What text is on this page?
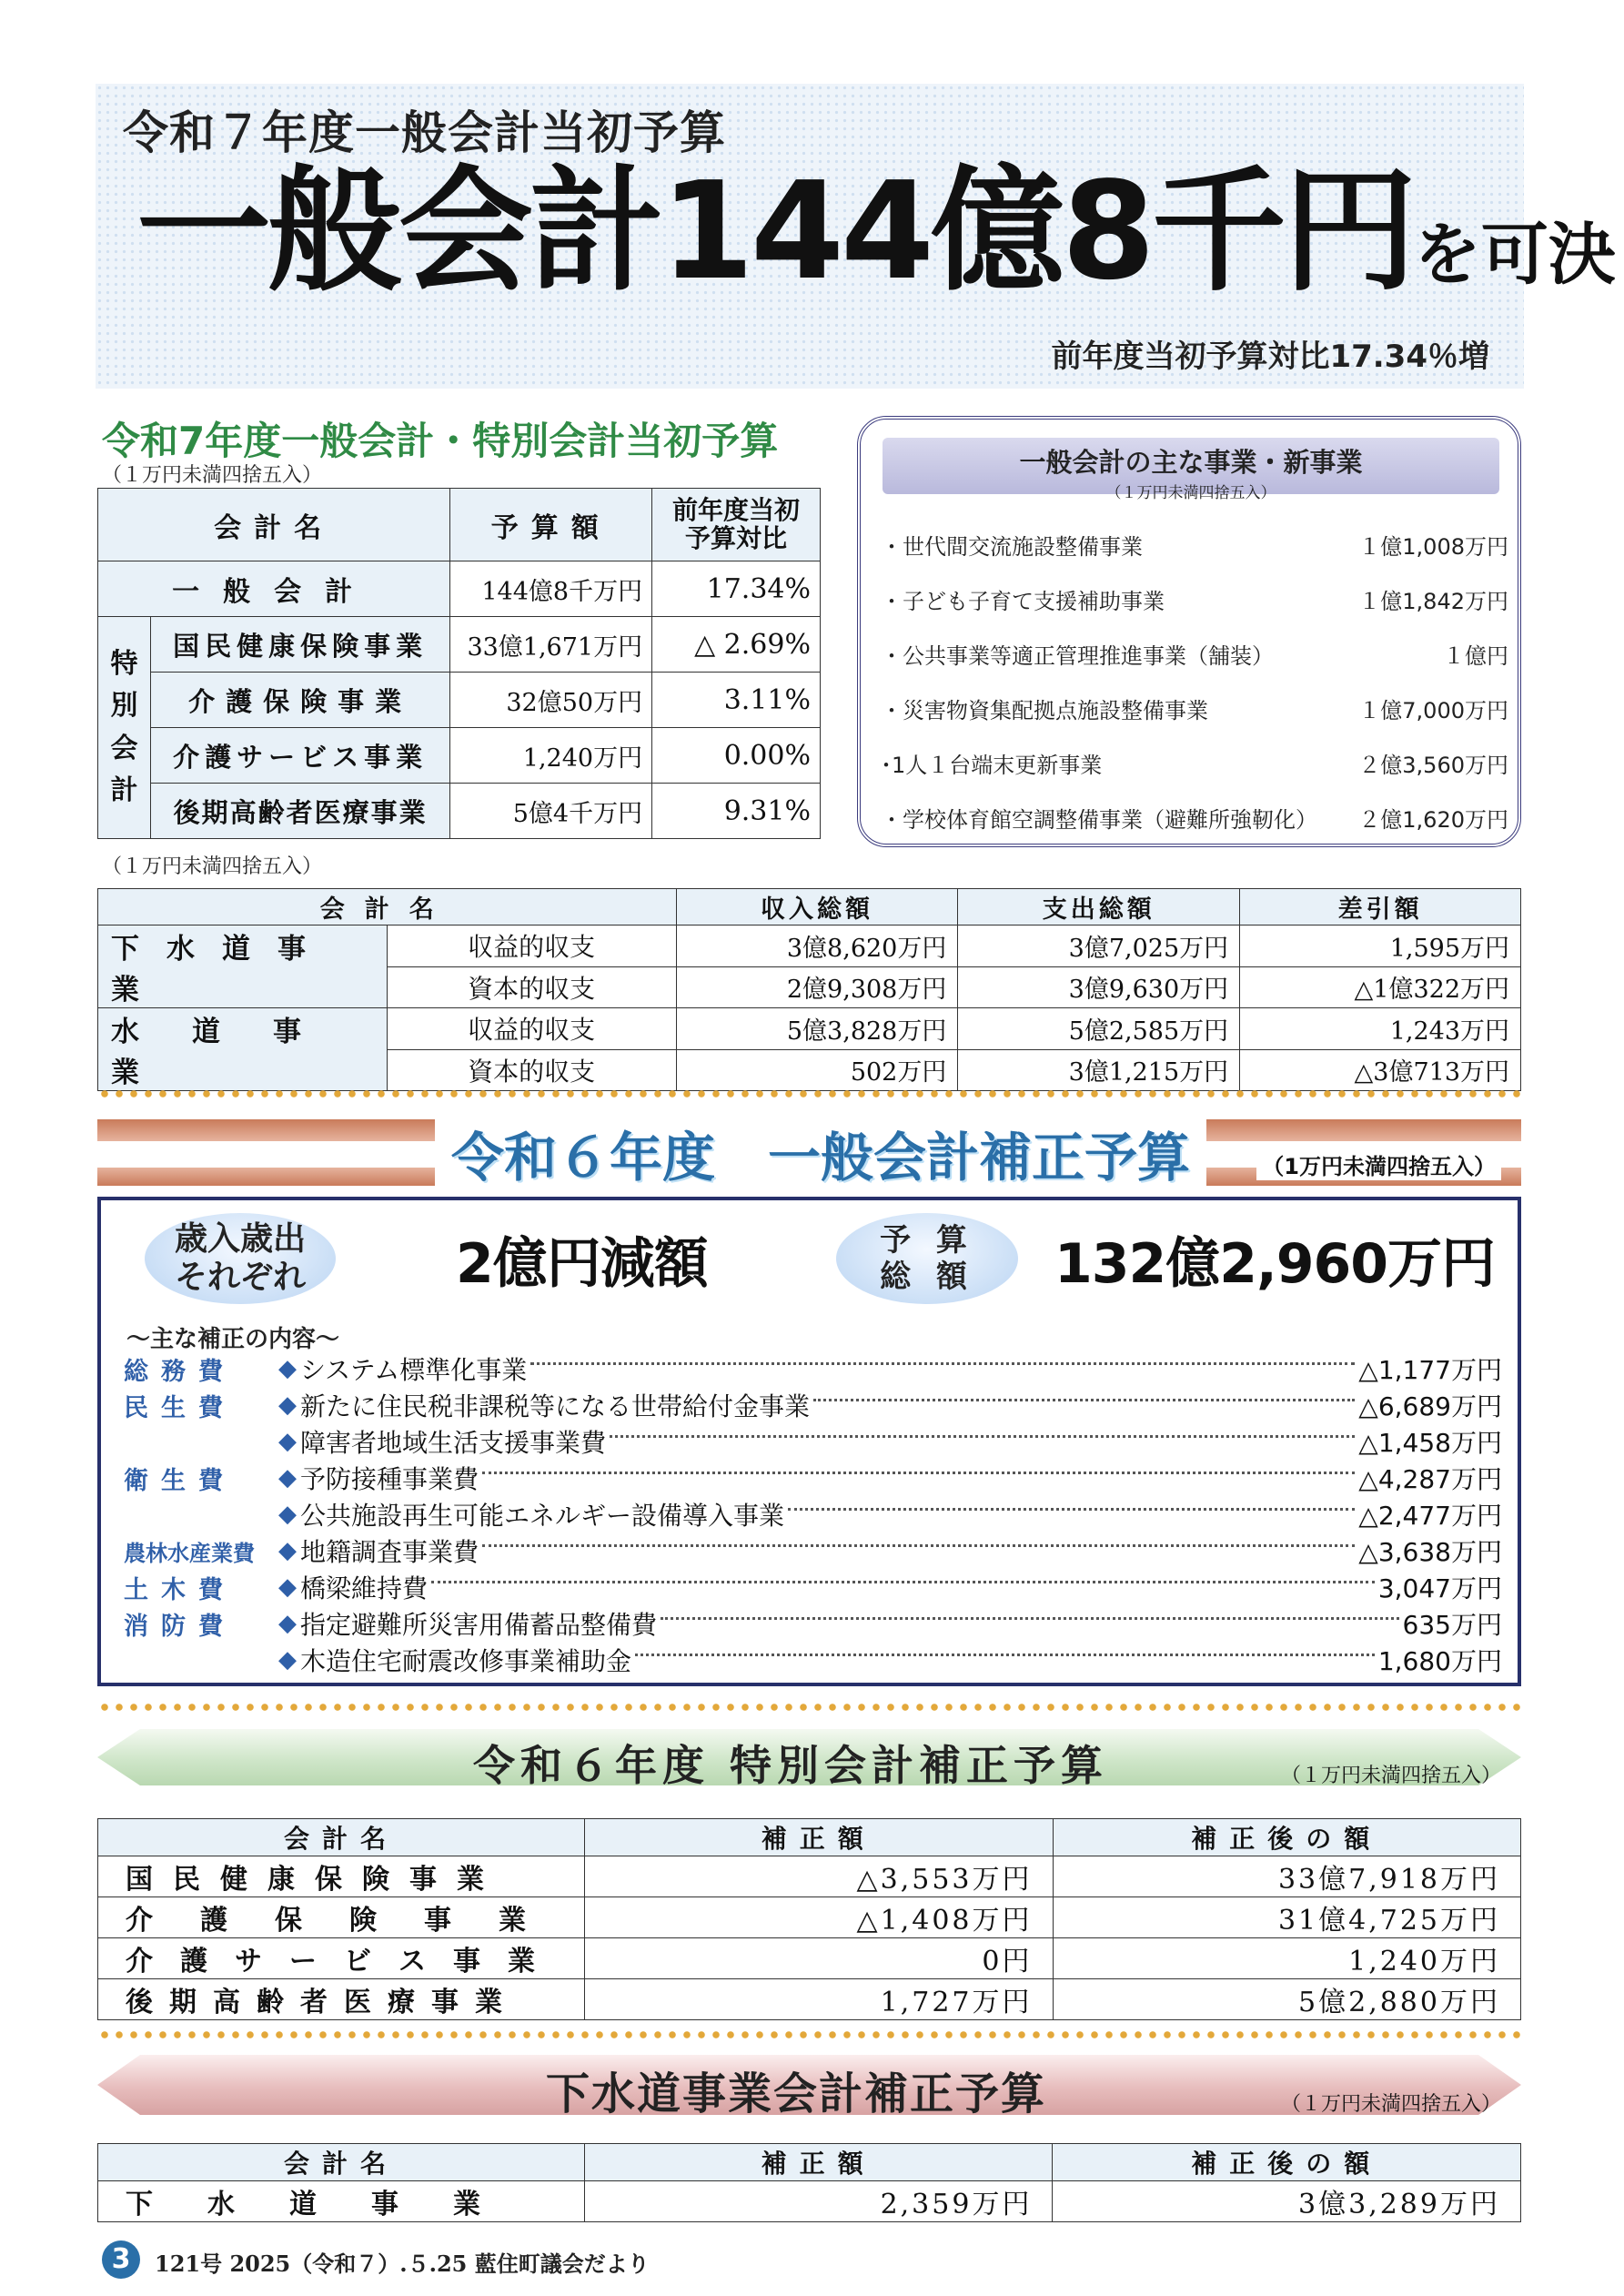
令和７年度一般会計当初予算
一般会計144億8千円を可決
前年度当初予算対比17.34％増
令和7年度一般会計・特別会計当初予算
（１万円未満四捨五入）
会計名		予算額	前年度当初
予算対比

一般会計		144億8千万円	17.34%

特別会計	国民健康保険事業	33億1,671万円	△ 2.69%
	介護保険事業	32億50万円	3.11%
	介護サービス事業	1,240万円	0.00%
	後期高齢者医療事業	5億4千万円	9.31%
（１万円未満四捨五入）
一般会計の主な事業・新事業
（１万円未満四捨五入）
・世代間交流施設整備事業	１億1,008万円
・子ども子育て支援補助事業	１億1,842万円
・公共事業等適正管理推進事業（舗装）	１億円
・災害物資集配拠点施設整備事業	１億7,000万円
･1人１台端末更新事業	２億3,560万円
・学校体育館空調整備事業（避難所強靭化） ２億1,620万円
会計名		収入総額	支出総額	差引額
下水道事業	収益的収支	3億8,620万円	3億7,025万円	1,595万円
	資本的収支	2億9,308万円	3億9,630万円	△1億322万円
水道事業	収益的収支	5億3,828万円	5億2,585万円	1,243万円
	資本的収支	502万円	3億1,215万円	△3億713万円
令和６年度　一般会計補正予算	（1万円未満四捨五入）
歳入歳出それぞれ	2億円減額	予 算
総 額	132億2,960万円
～主な補正の内容～
総務費	◆ システム標準化事業	△1,177万円
民生費	◆ 新たに住民税非課税等になる世帯給付金事業	△6,689万円
◆ 障害者地域生活支援事業費	△1,458万円
衛生費	◆ 予防接種事業費	△4,287万円
◆ 公共施設再生可能エネルギー設備導入事業	△2,477万円
農林水産業費	◆ 地籍調査事業費	△3,638万円
土木費	◆ 橋梁維持費	3,047万円
消防費	◆ 指定避難所災害用備蓄品整備費	635万円
◆ 木造住宅耐震改修事業補助金	1,680万円
令和６年度 特別会計補正予算	（１万円未満四捨五入）
会計名	補正額	補正後の額
国民健康保険事業	△3,553万円	33億7,918万円
介護保険事業	△1,408万円	31億4,725万円
介護サービス事業	0円	1,240万円
後期高齢者医療事業	1,727万円	5億2,880万円
下水道事業会計補正予算	（１万円未満四捨五入）
会計名	補正額	補正後の額
下水道事業	2,359万円	3億3,289万円
3	121号 2025（令和７）.５.25 藍住町議会だより
